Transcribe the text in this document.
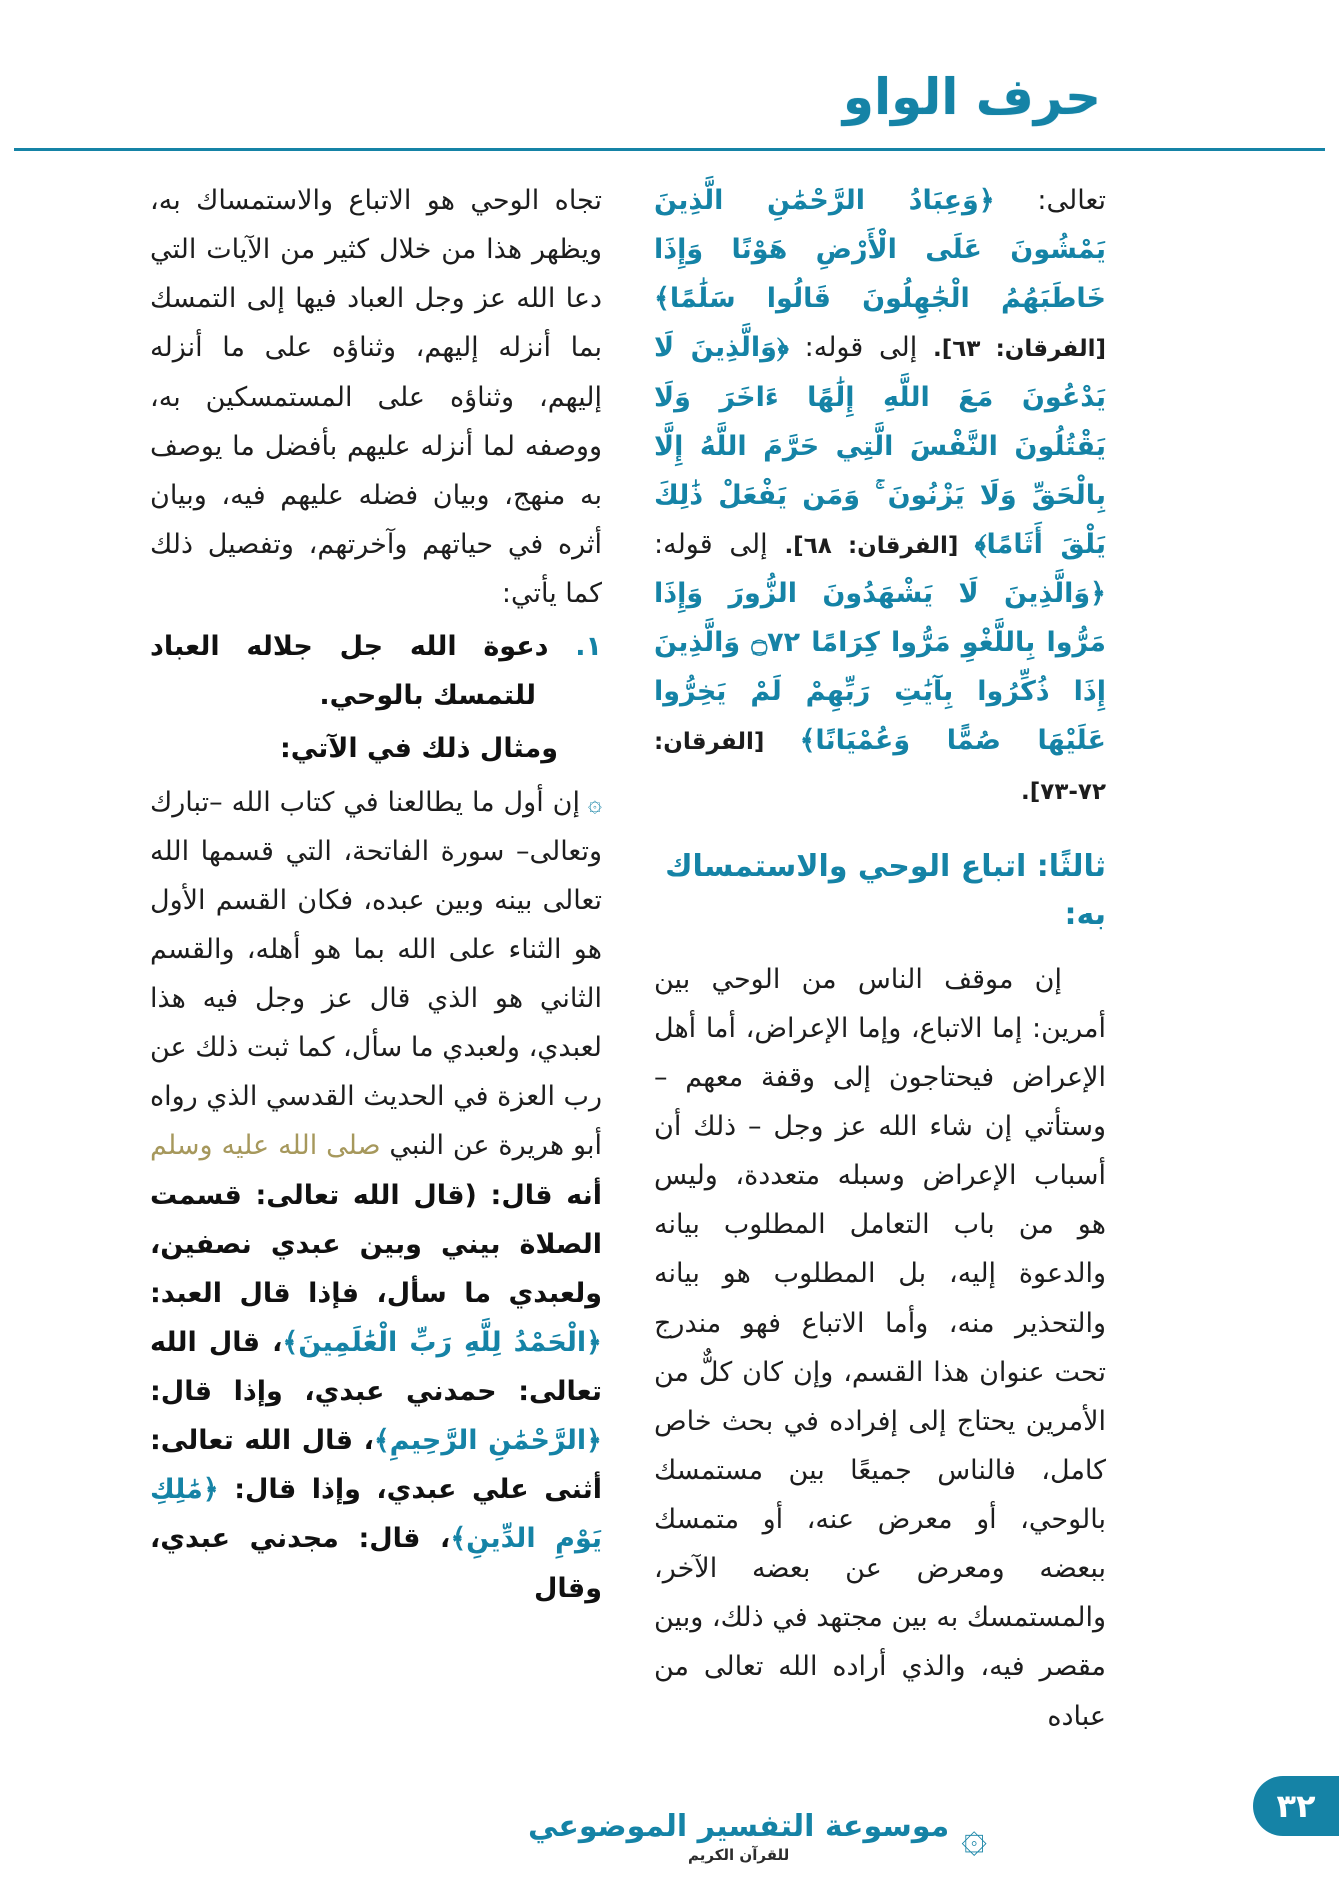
حرف الواو

تعالى: ﴿وَعِبَادُ الرَّحْمَٰنِ الَّذِينَ يَمْشُونَ عَلَى الْأَرْضِ هَوْنًا وَإِذَا خَاطَبَهُمُ الْجَٰهِلُونَ قَالُوا سَلَٰمًا﴾ [الفرقان: ٦٣]. إلى قوله: ﴿وَالَّذِينَ لَا يَدْعُونَ مَعَ اللَّهِ إِلَٰهًا ءَاخَرَ وَلَا يَقْتُلُونَ النَّفْسَ الَّتِي حَرَّمَ اللَّهُ إِلَّا بِالْحَقِّ وَلَا يَزْنُونَ ۚ وَمَن يَفْعَلْ ذَٰلِكَ يَلْقَ أَثَامًا﴾ [الفرقان: ٦٨]. إلى قوله: ﴿وَالَّذِينَ لَا يَشْهَدُونَ الزُّورَ وَإِذَا مَرُّوا بِاللَّغْوِ مَرُّوا كِرَامًا ۝٧٢ وَالَّذِينَ إِذَا ذُكِّرُوا بِآيَٰتِ رَبِّهِمْ لَمْ يَخِرُّوا عَلَيْهَا صُمًّا وَعُمْيَانًا﴾ [الفرقان: ٧٢-٧٣].

ثالثًا: اتباع الوحي والاستمساك به:

إن موقف الناس من الوحي بين أمرين: إما الاتباع، وإما الإعراض، أما أهل الإعراض فيحتاجون إلى وقفة معهم –وستأتي إن شاء الله عز وجل – ذلك أن أسباب الإعراض وسبله متعددة، وليس هو من باب التعامل المطلوب بيانه والدعوة إليه، بل المطلوب هو بيانه والتحذير منه، وأما الاتباع فهو مندرج تحت عنوان هذا القسم، وإن كان كلٌّ من الأمرين يحتاج إلى إفراده في بحث خاص كامل، فالناس جميعًا بين مستمسك بالوحي، أو معرض عنه، أو متمسك ببعضه ومعرض عن بعضه الآخر، والمستمسك به بين مجتهد في ذلك، وبين مقصر فيه، والذي أراده الله تعالى من عباده

تجاه الوحي هو الاتباع والاستمساك به، ويظهر هذا من خلال كثير من الآيات التي دعا الله عز وجل العباد فيها إلى التمسك بما أنزله إليهم، وثناؤه على ما أنزله إليهم، وثناؤه على المستمسكين به، ووصفه لما أنزله عليهم بأفضل ما يوصف به منهج، وبيان فضله عليهم فيه، وبيان أثره في حياتهم وآخرتهم، وتفصيل ذلك كما يأتي:

١. دعوة الله جل جلاله العباد للتمسك بالوحي.

ومثال ذلك في الآتي:

۞ إن أول ما يطالعنا في كتاب الله –تبارك وتعالى– سورة الفاتحة، التي قسمها الله تعالى بينه وبين عبده، فكان القسم الأول هو الثناء على الله بما هو أهله، والقسم الثاني هو الذي قال عز وجل فيه هذا لعبدي، ولعبدي ما سأل، كما ثبت ذلك عن رب العزة في الحديث القدسي الذي رواه أبو هريرة عن النبي صلى الله عليه وسلم أنه قال: (قال الله تعالى: قسمت الصلاة بيني وبين عبدي نصفين، ولعبدي ما سأل، فإذا قال العبد: ﴿الْحَمْدُ لِلَّهِ رَبِّ الْعَٰلَمِينَ﴾، قال الله تعالى: حمدني عبدي، وإذا قال: ﴿الرَّحْمَٰنِ الرَّحِيمِ﴾، قال الله تعالى: أثنى علي عبدي، وإذا قال: ﴿مَٰلِكِ يَوْمِ الدِّينِ﴾، قال: مجدني عبدي، وقال

۞
موسوعة التفسير الموضوعي
للقرآن الكريم
٣٢
